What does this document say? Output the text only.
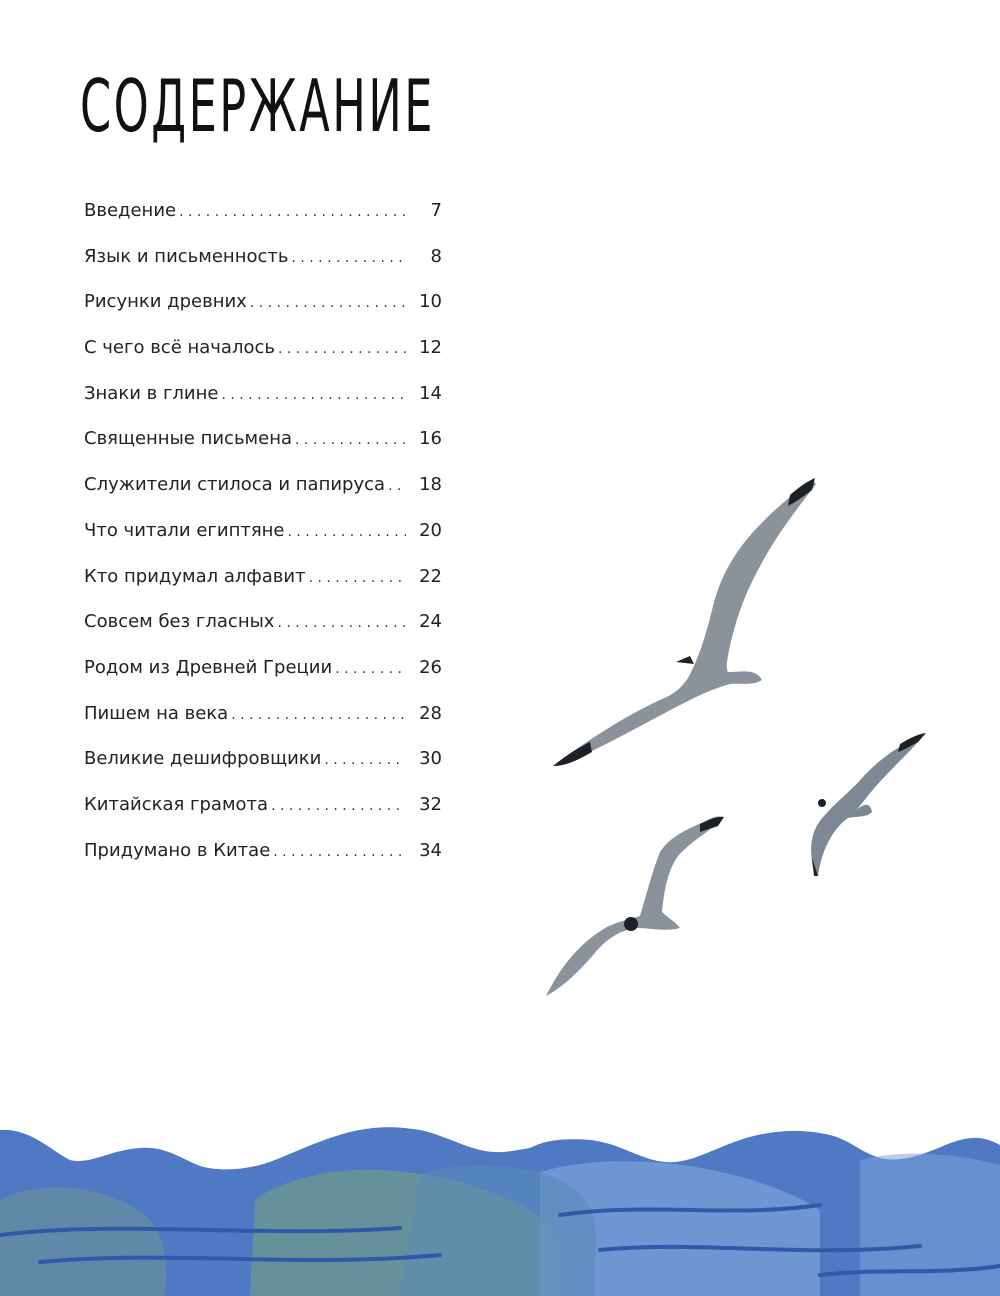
СОДЕРЖАНИЕ
Введение . . .	7
Язык и письменность . . .	8
Рисунки древних . . .	10
С чего всё началось . . .	12
Знаки в глине . . .	14
Священные письмена . . .	16
Служители стилоса и папируса . . .	18
Что читали египтяне . . .	20
Кто придумал алфавит . . .	22
Совсем без гласных . . .	24
Родом из Древней Греции . . .	26
Пишем на века . . .	28
Великие дешифровщики . . .	30
Китайская грамота . . .	32
Придумано в Китае . . .	34
